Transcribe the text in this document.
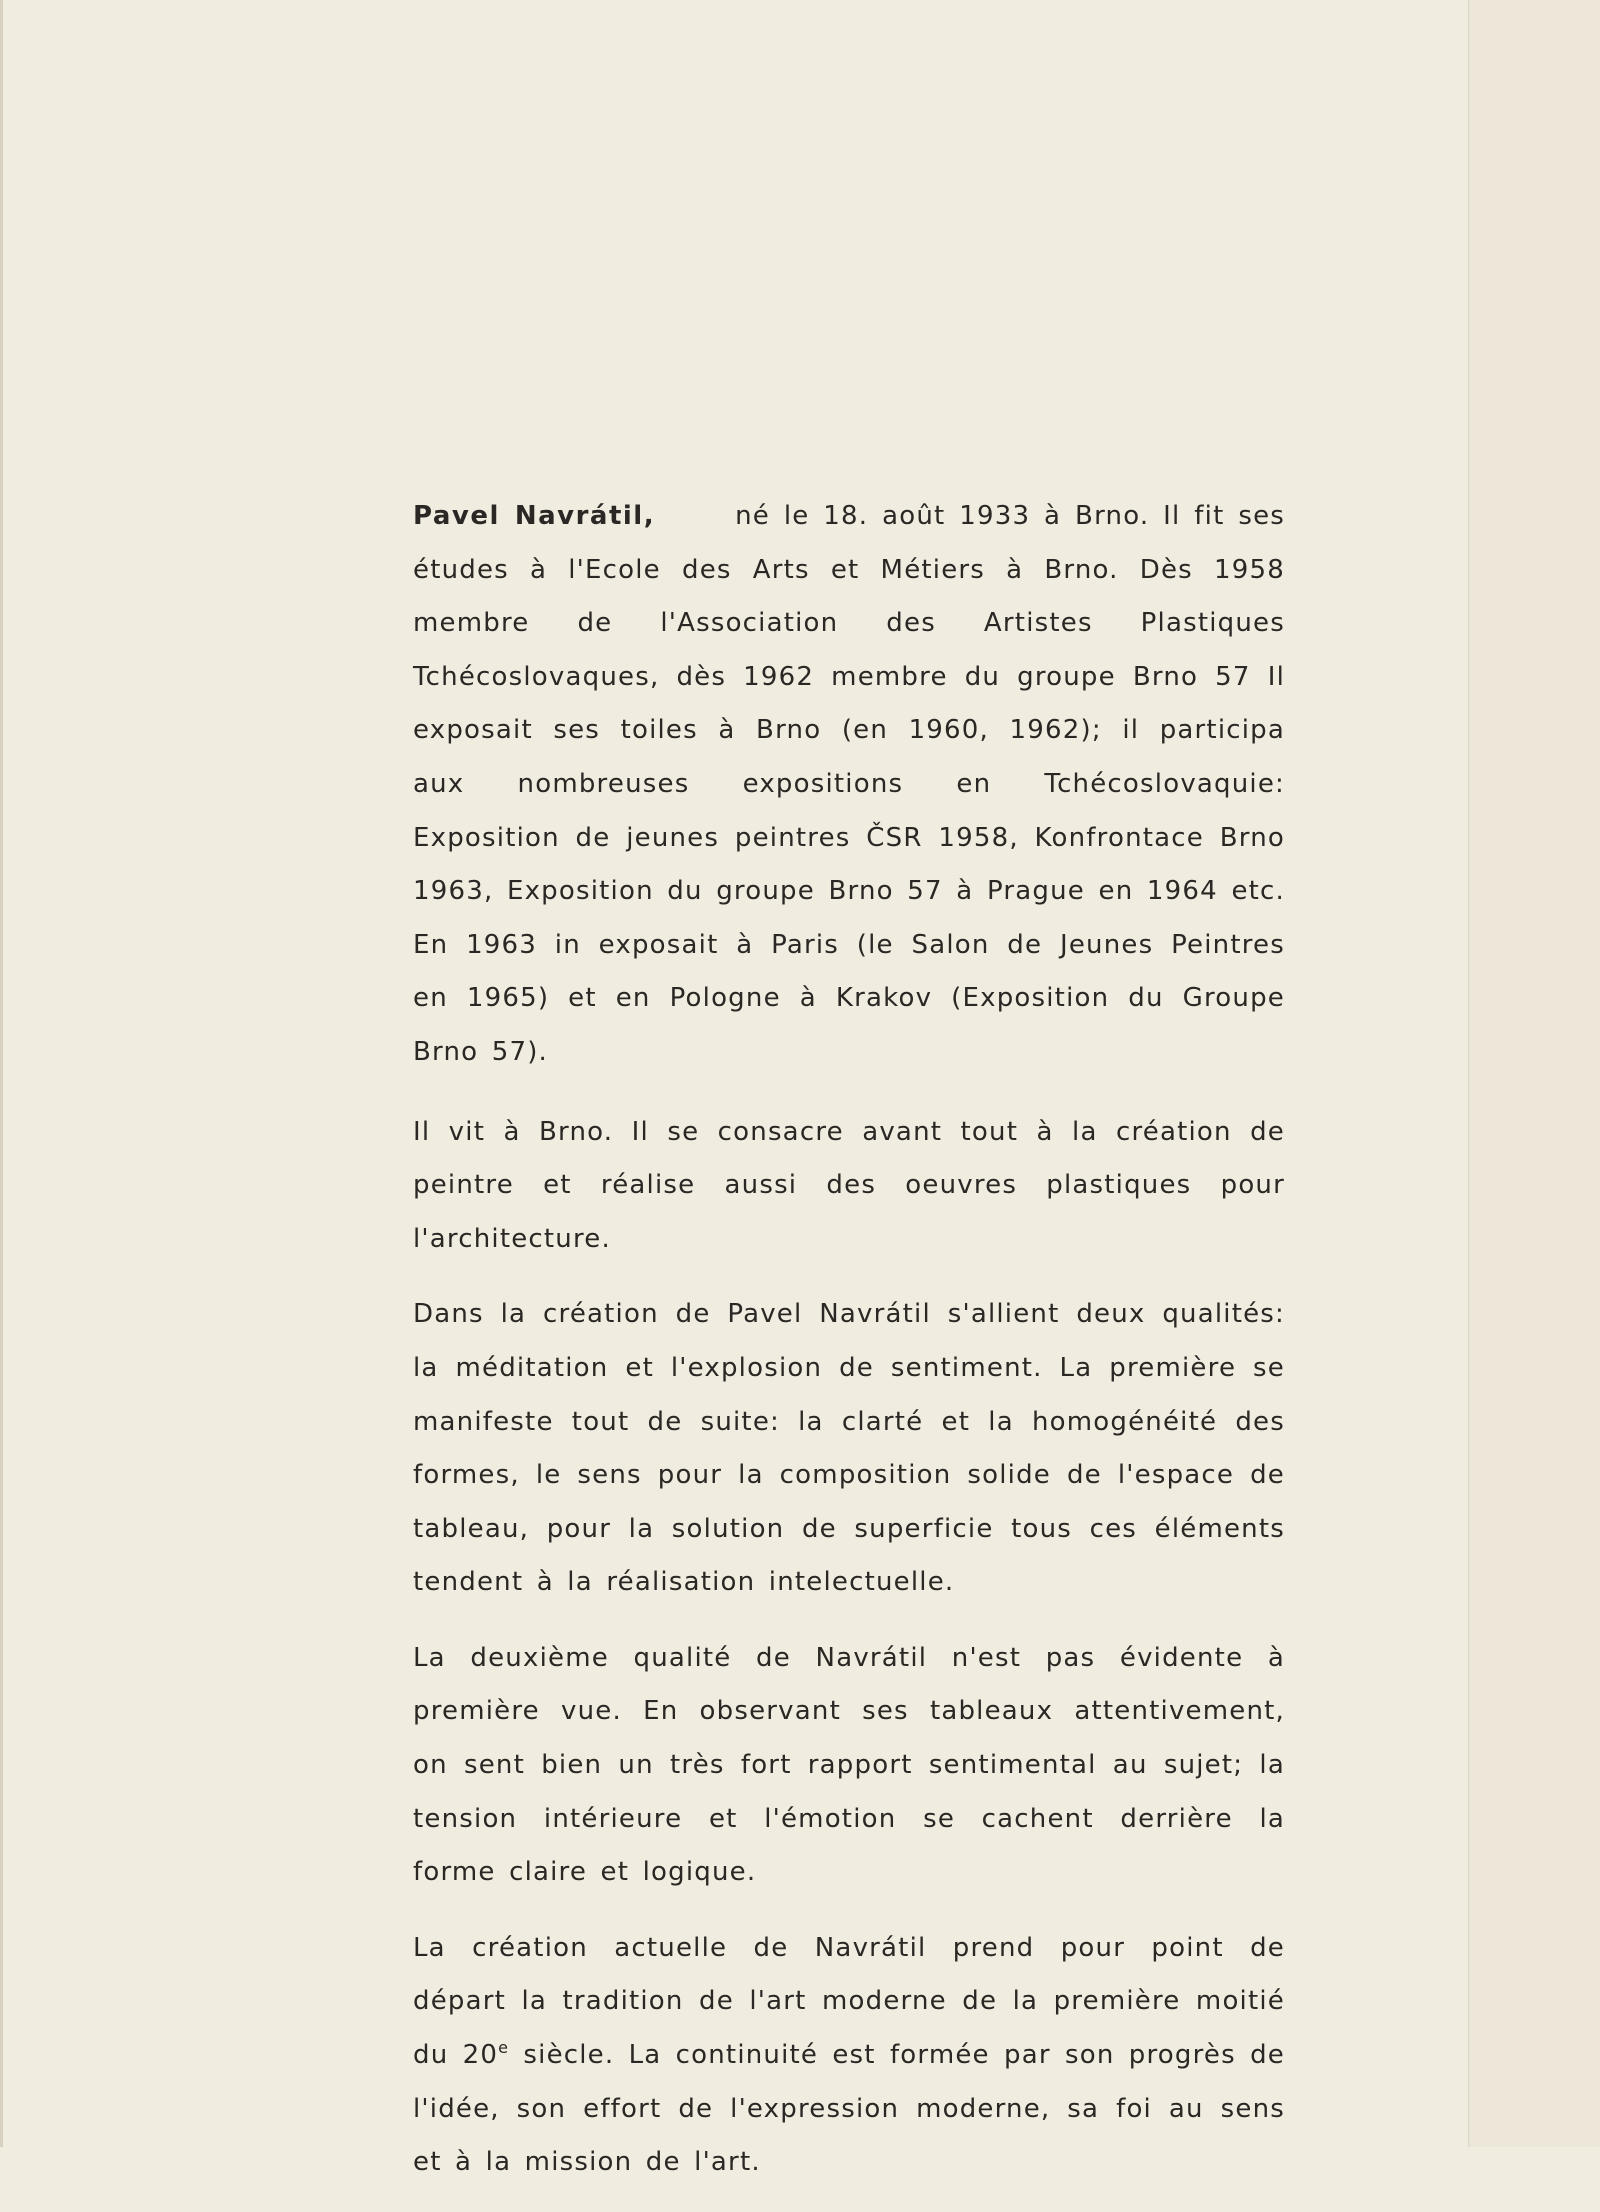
Pavel Navrátil,	né le 18. août 1933 à Brno. Il fit ses études à l'Ecole des Arts et Métiers à Brno. Dès 1958 membre de l'Association des Artistes Plastiques Tchécoslovaques, dès 1962 membre du groupe Brno 57 Il exposait ses toiles à Brno (en 1960, 1962); il participa aux nombreuses expositions en Tchécoslovaquie: Exposition de jeunes peintres ČSR 1958, Konfrontace Brno 1963, Exposition du groupe Brno 57 à Prague en 1964 etc. En 1963 in exposait à Paris (le Salon de Jeunes Peintres en 1965) et en Pologne à Krakov (Exposition du Groupe Brno 57).

Il vit à Brno. Il se consacre avant tout à la création de peintre et réalise aussi des oeuvres plastiques pour l'architecture.

Dans la création de Pavel Navrátil s'allient deux qualités: la méditation et l'explosion de sentiment. La première se manifeste tout de suite: la clarté et la homogénéité des formes, le sens pour la composition solide de l'espace de tableau, pour la solution de superficie tous ces éléments tendent à la réalisation intelectuelle.

La deuxième qualité de Navrátil n'est pas évidente à première vue. En observant ses tableaux attentivement, on sent bien un très fort rapport sentimental au sujet; la tension intérieure et l'émotion se cachent derrière la forme claire et logique.

La création actuelle de Navrátil prend pour point de départ la tradition de l'art moderne de la première moitié du 20e siècle. La continuité est formée par son progrès de l'idée, son effort de l'expression moderne, sa foi au sens et à la mission de l'art.
